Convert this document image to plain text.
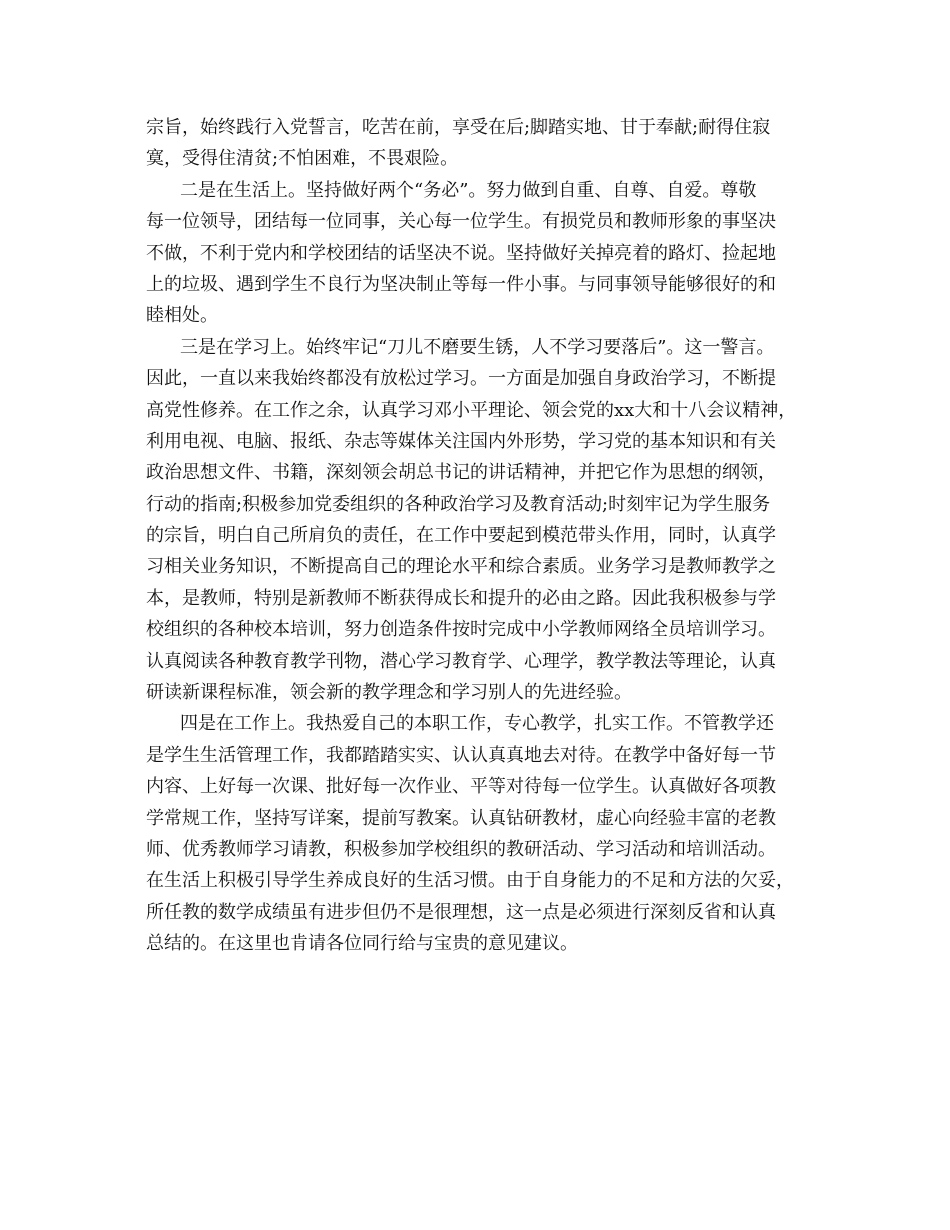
宗旨，始终践行入党誓言，吃苦在前，享受在后;脚踏实地、甘于奉献;耐得住寂
寞，受得住清贫;不怕困难，不畏艰险。
二是在生活上。坚持做好两个“务必”。努力做到自重、自尊、自爱。尊敬
每一位领导，团结每一位同事，关心每一位学生。有损党员和教师形象的事坚决
不做，不利于党内和学校团结的话坚决不说。坚持做好关掉亮着的路灯、捡起地
上的垃圾、遇到学生不良行为坚决制止等每一件小事。与同事领导能够很好的和
睦相处。
三是在学习上。始终牢记“刀儿不磨要生锈，人不学习要落后”。这一警言。
因此，一直以来我始终都没有放松过学习。一方面是加强自身政治学习，不断提
高党性修养。在工作之余，认真学习邓小平理论、领会党的xx大和十八会议精神，
利用电视、电脑、报纸、杂志等媒体关注国内外形势，学习党的基本知识和有关
政治思想文件、书籍，深刻领会胡总书记的讲话精神，并把它作为思想的纲领，
行动的指南;积极参加党委组织的各种政治学习及教育活动;时刻牢记为学生服务
的宗旨，明白自己所肩负的责任，在工作中要起到模范带头作用，同时，认真学
习相关业务知识，不断提高自己的理论水平和综合素质。业务学习是教师教学之
本，是教师，特别是新教师不断获得成长和提升的必由之路。因此我积极参与学
校组织的各种校本培训，努力创造条件按时完成中小学教师网络全员培训学习。
认真阅读各种教育教学刊物，潜心学习教育学、心理学，教学教法等理论，认真
研读新课程标准，领会新的教学理念和学习别人的先进经验。
四是在工作上。我热爱自己的本职工作，专心教学，扎实工作。不管教学还
是学生生活管理工作，我都踏踏实实、认认真真地去对待。在教学中备好每一节
内容、上好每一次课、批好每一次作业、平等对待每一位学生。认真做好各项教
学常规工作，坚持写详案，提前写教案。认真钻研教材，虚心向经验丰富的老教
师、优秀教师学习请教，积极参加学校组织的教研活动、学习活动和培训活动。
在生活上积极引导学生养成良好的生活习惯。由于自身能力的不足和方法的欠妥，
所任教的数学成绩虽有进步但仍不是很理想，这一点是必须进行深刻反省和认真
总结的。在这里也肯请各位同行给与宝贵的意见建议。
